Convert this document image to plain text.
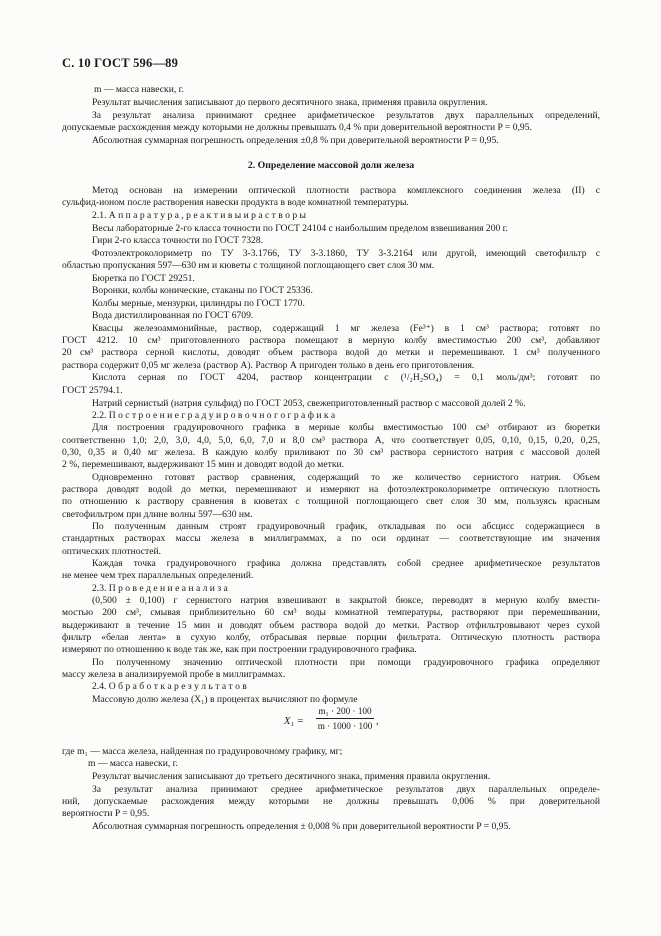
С. 10 ГОСТ 596—89
m — масса навески, г.
Результат вычисления записывают до первого десятичного знака, применяя правила округления.
За результат анализа принимают среднее арифметическое результатов двух параллельных определений,
допускаемые расхождения между которыми не должны превышать 0,4 % при доверительной вероятности P = 0,95.
Абсолютная суммарная погрешность определения ±0,8 % при доверительной вероятности P = 0,95.
Метод основан на измерении оптической плотности раствора комплексного соединения железа (II) с
сульфид-ионом после растворения навески продукта в воде комнатной температуры.
2.1. А п п а р а т у р а , р е а к т и в ы и р а с т в о р ы
Весы лабораторные 2-го класса точности по ГОСТ 24104 с наибольшим пределом взвешивания 200 г.
Гири 2-го класса точности по ГОСТ 7328.
Фотоэлектроколориметр по ТУ 3-3.1766, ТУ 3-3.1860, ТУ 3-3.2164 или другой, имеющий светофильтр с
областью пропускания 597—630 нм и кюветы с толщиной поглощающего свет слоя 30 мм.
Бюретка по ГОСТ 29251.
Воронки, колбы конические, стаканы по ГОСТ 25336.
Колбы мерные, мензурки, цилиндры по ГОСТ 1770.
Вода дистиллированная по ГОСТ 6709.
Квасцы железоаммонийные, раствор, содержащий 1 мг железа (Fe³⁺) в 1 см³ раствора; готовят по
ГОСТ 4212. 10 см³ приготовленного раствора помещают в мерную колбу вместимостью 200 см³, добавляют
20 см³ раствора серной кислоты, доводят объем раствора водой до метки и перемешивают. 1 см³ полученного
раствора содержит 0,05 мг железа (раствор А). Раствор А пригоден только в день его приготовления.
Кислота серная по ГОСТ 4204, раствор концентрации c (¹/₂H₂SO₄) = 0,1 моль/дм³; готовят по
ГОСТ 25794.1.
Натрий сернистый (натрия сульфид) по ГОСТ 2053, свежеприготовленный раствор с массовой долей 2 %.
2.2. П о с т р о е н и е г р а д у и р о в о ч н о г о г р а ф и к а
Для построения градуировочного графика в мерные колбы вместимостью 100 см³ отбирают из бюретки
соответственно 1,0; 2,0, 3,0, 4,0, 5,0, 6,0, 7,0 и 8,0 см³ раствора А, что соответствует 0,05, 0,10, 0,15, 0,20, 0,25,
0,30, 0,35 и 0,40 мг железа. В каждую колбу приливают по 30 см³ раствора сернистого натрия с массовой долей
2 %, перемешивают, выдерживают 15 мин и доводят водой до метки.
Одновременно готовят раствор сравнения, содержащий то же количество сернистого натрия. Объем
раствора доводят водой до метки, перемешивают и измеряют на фотоэлектроколориметре оптическую плотность
по отношению к раствору сравнения в кюветах с толщиной поглощающего свет слоя 30 мм, пользуясь красным
светофильтром при длине волны 597—630 нм.
По полученным данным строят градуировочный график, откладывая по оси абсцисс содержащиеся в
стандартных растворах массы железа в миллиграммах, а по оси ординат — соответствующие им значения
оптических плотностей.
Каждая точка градуировочного графика должна представлять собой среднее арифметическое результатов
не менее чем трех параллельных определений.
2.3. П р о в е д е н и е а н а л и з а
(0,500 ± 0,100) г сернистого натрия взвешивают в закрытой бюксе, переводят в мерную колбу вмести-
мостью 200 см³, смывая приблизительно 60 см³ воды комнатной температуры, растворяют при перемешивании,
выдерживают в течение 15 мин и доводят объем раствора водой до метки. Раствор отфильтровывают через сухой
фильтр «белая лента» в сухую колбу, отбрасывая первые порции фильтрата. Оптическую плотность раствора
измеряют по отношению к воде так же, как при построении градуировочного графика.
По полученному значению оптической плотности при помощи градуировочного графика определяют
массу железа в анализируемой пробе в миллиграммах.
2.4. О б р а б о т к а р е з у л ь т а т о в
Массовую долю железа (X₁) в процентах вычисляют по формуле
где m₁ — масса железа, найденная по градуировочному графику, мг;
m — масса навески, г.
Результат вычисления записывают до третьего десятичного знака, применяя правила округления.
За результат анализа принимают среднее арифметическое результатов двух параллельных определе-
ний, допускаемые расхождения между которыми не должны превышать 0,006 % при доверительной
вероятности P = 0,95.
Абсолютная суммарная погрешность определения ± 0,008 % при доверительной вероятности P = 0,95.
2. Определение массовой доли железа
$X_1 = \frac{\text{m₁ · 200 · 100}}{m \cdot 1000 \cdot 100}$ ,
